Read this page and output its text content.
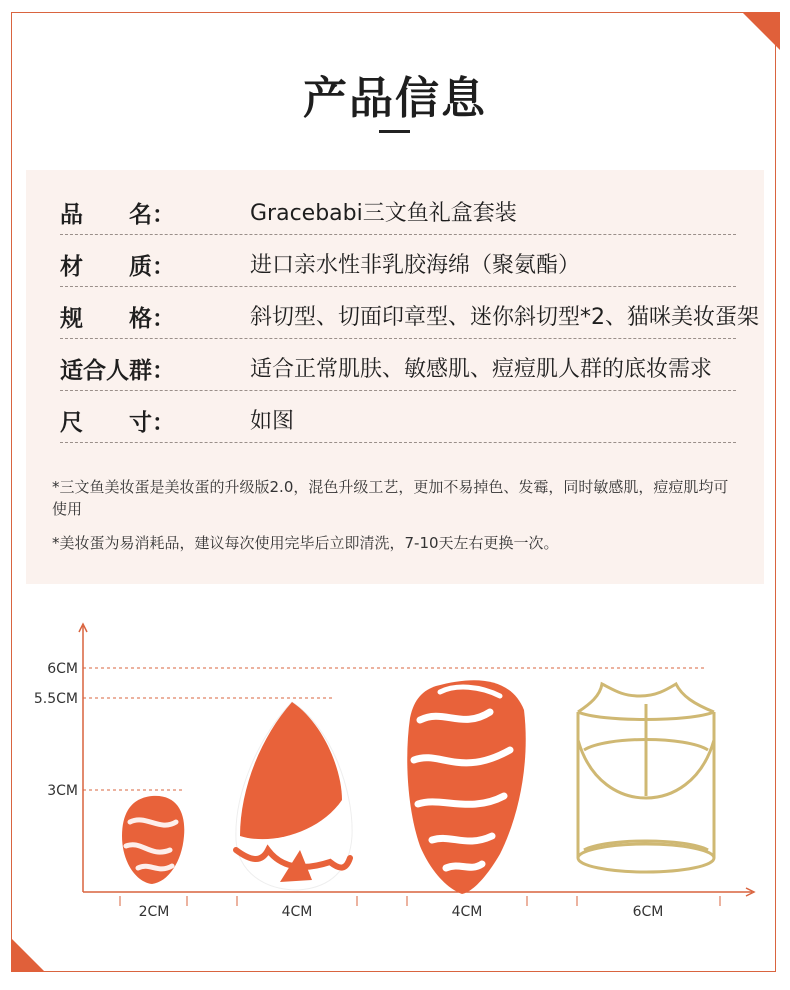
产品信息
品　　名：	Gracebabi三文鱼礼盒套装
材　　质：	进口亲水性非乳胶海绵（聚氨酯）
规　　格：	斜切型、切面印章型、迷你斜切型*2、猫咪美妆蛋架
适合人群：	适合正常肌肤、敏感肌、痘痘肌人群的底妆需求
尺　　寸：	如图
*三文鱼美妆蛋是美妆蛋的升级版2.0，混色升级工艺，更加不易掉色、发霉，同时敏感肌，痘痘肌均可使用
*美妆蛋为易消耗品，建议每次使用完毕后立即清洗，7-10天左右更换一次。
6CM
5.5CM
3CM
2CM	4CM	4CM	6CM
